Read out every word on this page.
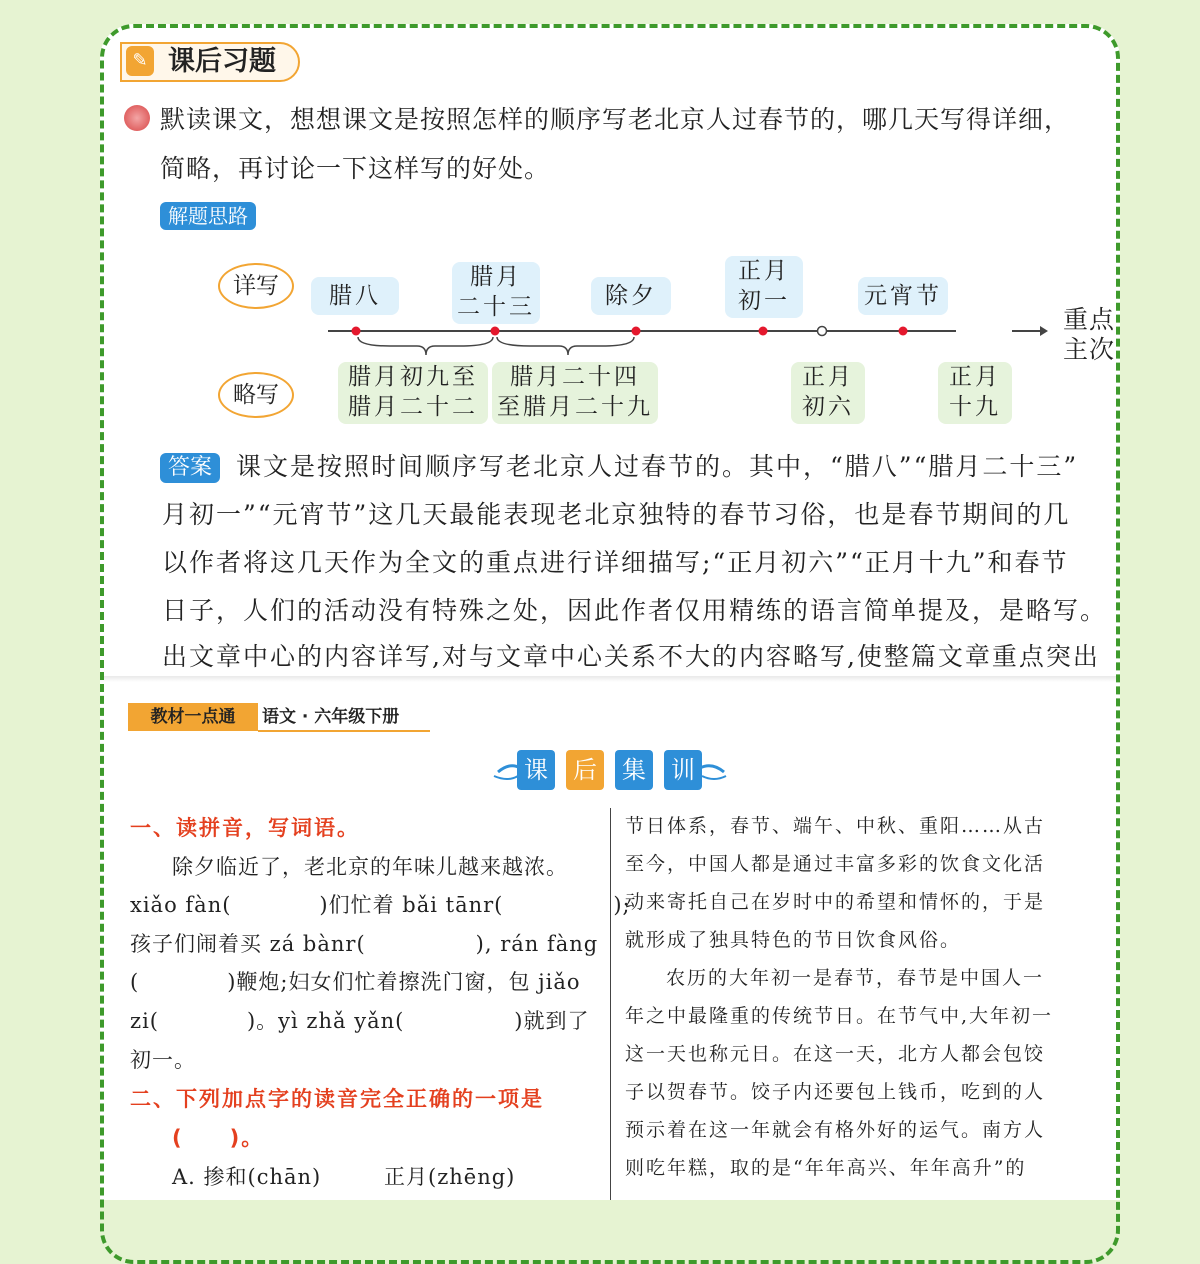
✎ 课后习题
默读课文，想想课文是按照怎样的顺序写老北京人过春节的，哪几天写得详细，
简略，再讨论一下这样写的好处。
解题思路
详写
略写
腊八
腊月
二十三	除夕
正月
初一	元宵节
重点
主次
腊月初九至
腊月二十二
腊月二十四
至腊月二十九
正月
初六
正月
十九
答案 课文是按照时间顺序写老北京人过春节的。其中，“腊八”“腊月二十三”
月初一”“元宵节”这几天最能表现老北京独特的春节习俗，也是春节期间的几
以作者将这几天作为全文的重点进行详细描写;“正月初六”“正月十九”和春节
日子，人们的活动没有特殊之处，因此作者仅用精练的语言简单提及，是略写。
出文章中心的内容详写,对与文章中心关系不大的内容略写,使整篇文章重点突出
教材一点通	语文 · 六年级下册
课 后 集 训
一、读拼音，写词语。
除夕临近了，老北京的年味儿越来越浓。
xiǎo fàn(　　　　)们忙着 bǎi tānr(　　　　　);
孩子们闹着买 zá bànr(　　　　　), rán fàng
(　　　　)鞭炮;妇女们忙着擦洗门窗，包 jiǎo
zi(　　　　)。yì zhǎ yǎn(　　　　　)就到了
初一。
二、下列加点字的读音完全正确的一项是
(　　)。
A. 掺和(chān)	正月(zhēng)
节日体系，春节、端午、中秋、重阳……从古
至今，中国人都是通过丰富多彩的饮食文化活
动来寄托自己在岁时中的希望和情怀的，于是
就形成了独具特色的节日饮食风俗。
　农历的大年初一是春节，春节是中国人一
年之中最隆重的传统节日。在节气中,大年初一
这一天也称元日。在这一天，北方人都会包饺
子以贺春节。饺子内还要包上钱币，吃到的人
预示着在这一年就会有格外好的运气。南方人
则吃年糕，取的是“年年高兴、年年高升”的
